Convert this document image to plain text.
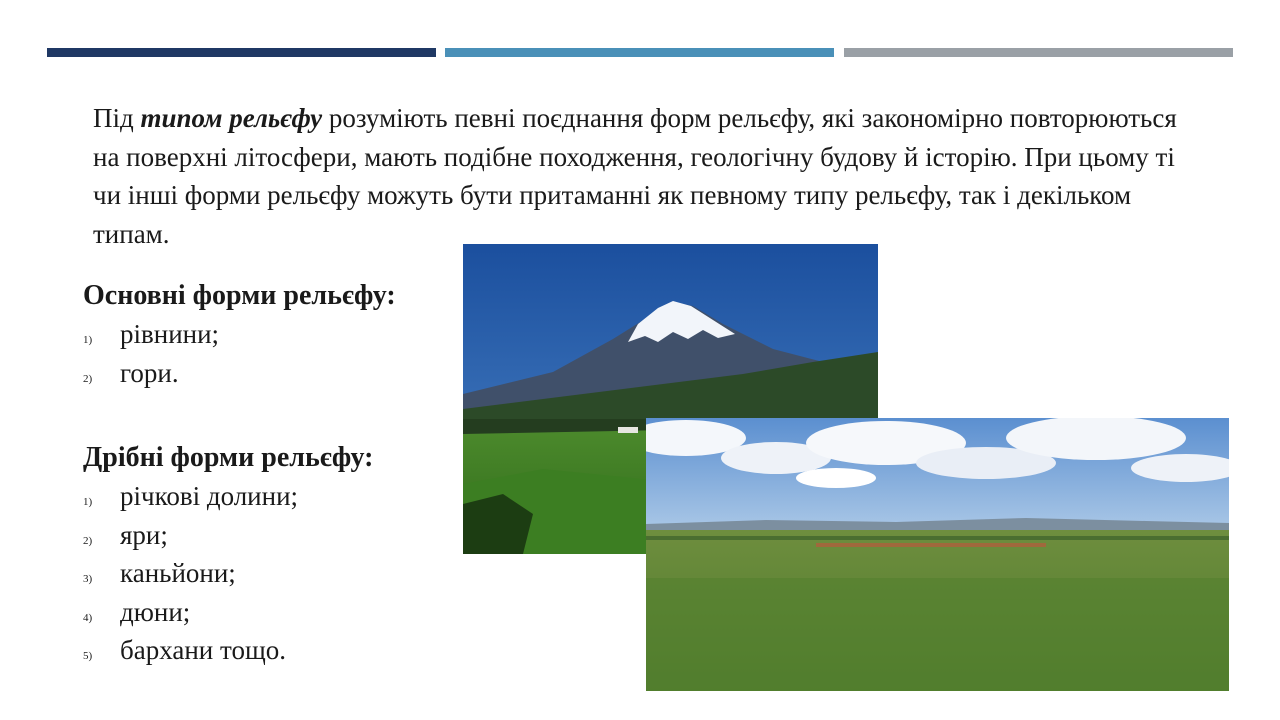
Під типом рельєфу розуміють певні поєднання форм рельєфу, які закономірно повторюються на поверхні літосфери, мають подібне походження, геологічну будову й історію. При цьому ті чи інші форми рельєфу можуть бути притаманні як певному типу рельєфу, так і декільком типам.

Основні форми рельєфу:

1) рівнини;
2) гори.

Дрібні форми рельєфу:

1) річкові долини;
2) яри;
3) каньйони;
4) дюни;
5) бархани тощо.
